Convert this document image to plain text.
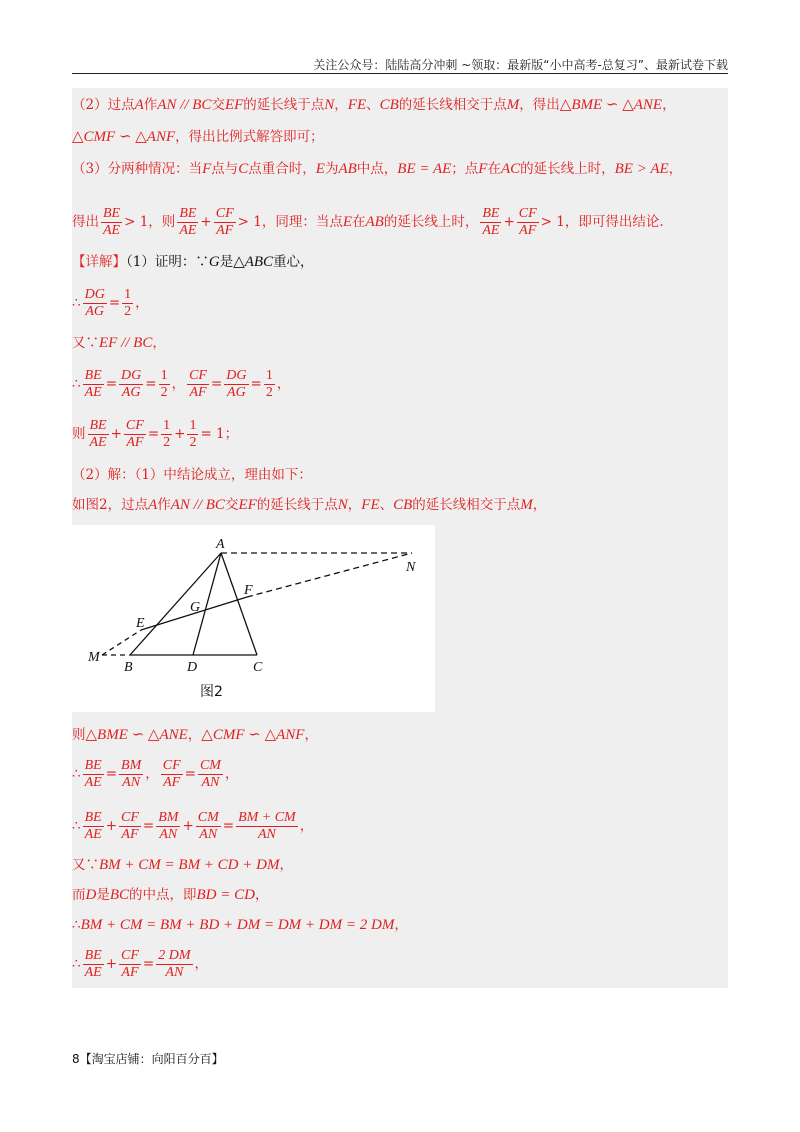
关注公众号：陆陆高分冲刺 ~领取：最新版“小中高考-总复习”、最新试卷下载
（2）过点A作AN // BC交EF的延长线于点N，FE、CB的延长线相交于点M，得出△BME ∽ △ANE，
△CMF ∽ △ANF，得出比例式解答即可；
（3）分两种情况：当F点与C点重合时，E为AB中点，BE = AE；点F在AC的延长线上时，BE > AE，
得出 $\frac{BE}{AE} > 1$，则 $\frac{BE}{AE} + \frac{CF}{AF} > 1$，同理：当点E在AB的延长线上时， $\frac{BE}{AE} + \frac{CF}{AF} > 1$，即可得出结论.
【详解】（1）证明：∵G是△ABC重心，
∴ $\frac{DG}{AG} = \frac{1}{2}$ ，
又∵EF // BC，
∴ $\frac{BE}{AE} = \frac{DG}{AG} = \frac{1}{2}$ ， $\frac{CF}{AF} = \frac{DG}{AG} = \frac{1}{2}$ ，
则 $\frac{BE}{AE} + \frac{CF}{AF} = \frac{1}{2} + \frac{1}{2} = 1$；
（2）解：（1）中结论成立，理由如下：
如图2，过点A作AN // BC交EF的延长线于点N，FE、CB的延长线相交于点M，
A
N
F
G
E
M
B	D	C
图2
则△BME ∽ △ANE，△CMF ∽ △ANF，
∴ $\frac{BE}{AE} = \frac{BM}{AN}$ ， $\frac{CF}{AF} = \frac{CM}{AN}$ ，
∴ $\frac{BE}{AE} + \frac{CF}{AF} = \frac{BM}{AN} + \frac{CM}{AN} = \frac{BM + CM}{AN}$ ，
又∵BM + CM = BM + CD + DM，
而D是BC的中点，即BD = CD，
∴BM + CM = BM + BD + DM = DM + DM = 2 DM，
∴ $\frac{BE}{AE} + \frac{CF}{AF} = \frac{2 DM}{AN}$ ，
8【淘宝店铺：向阳百分百】
